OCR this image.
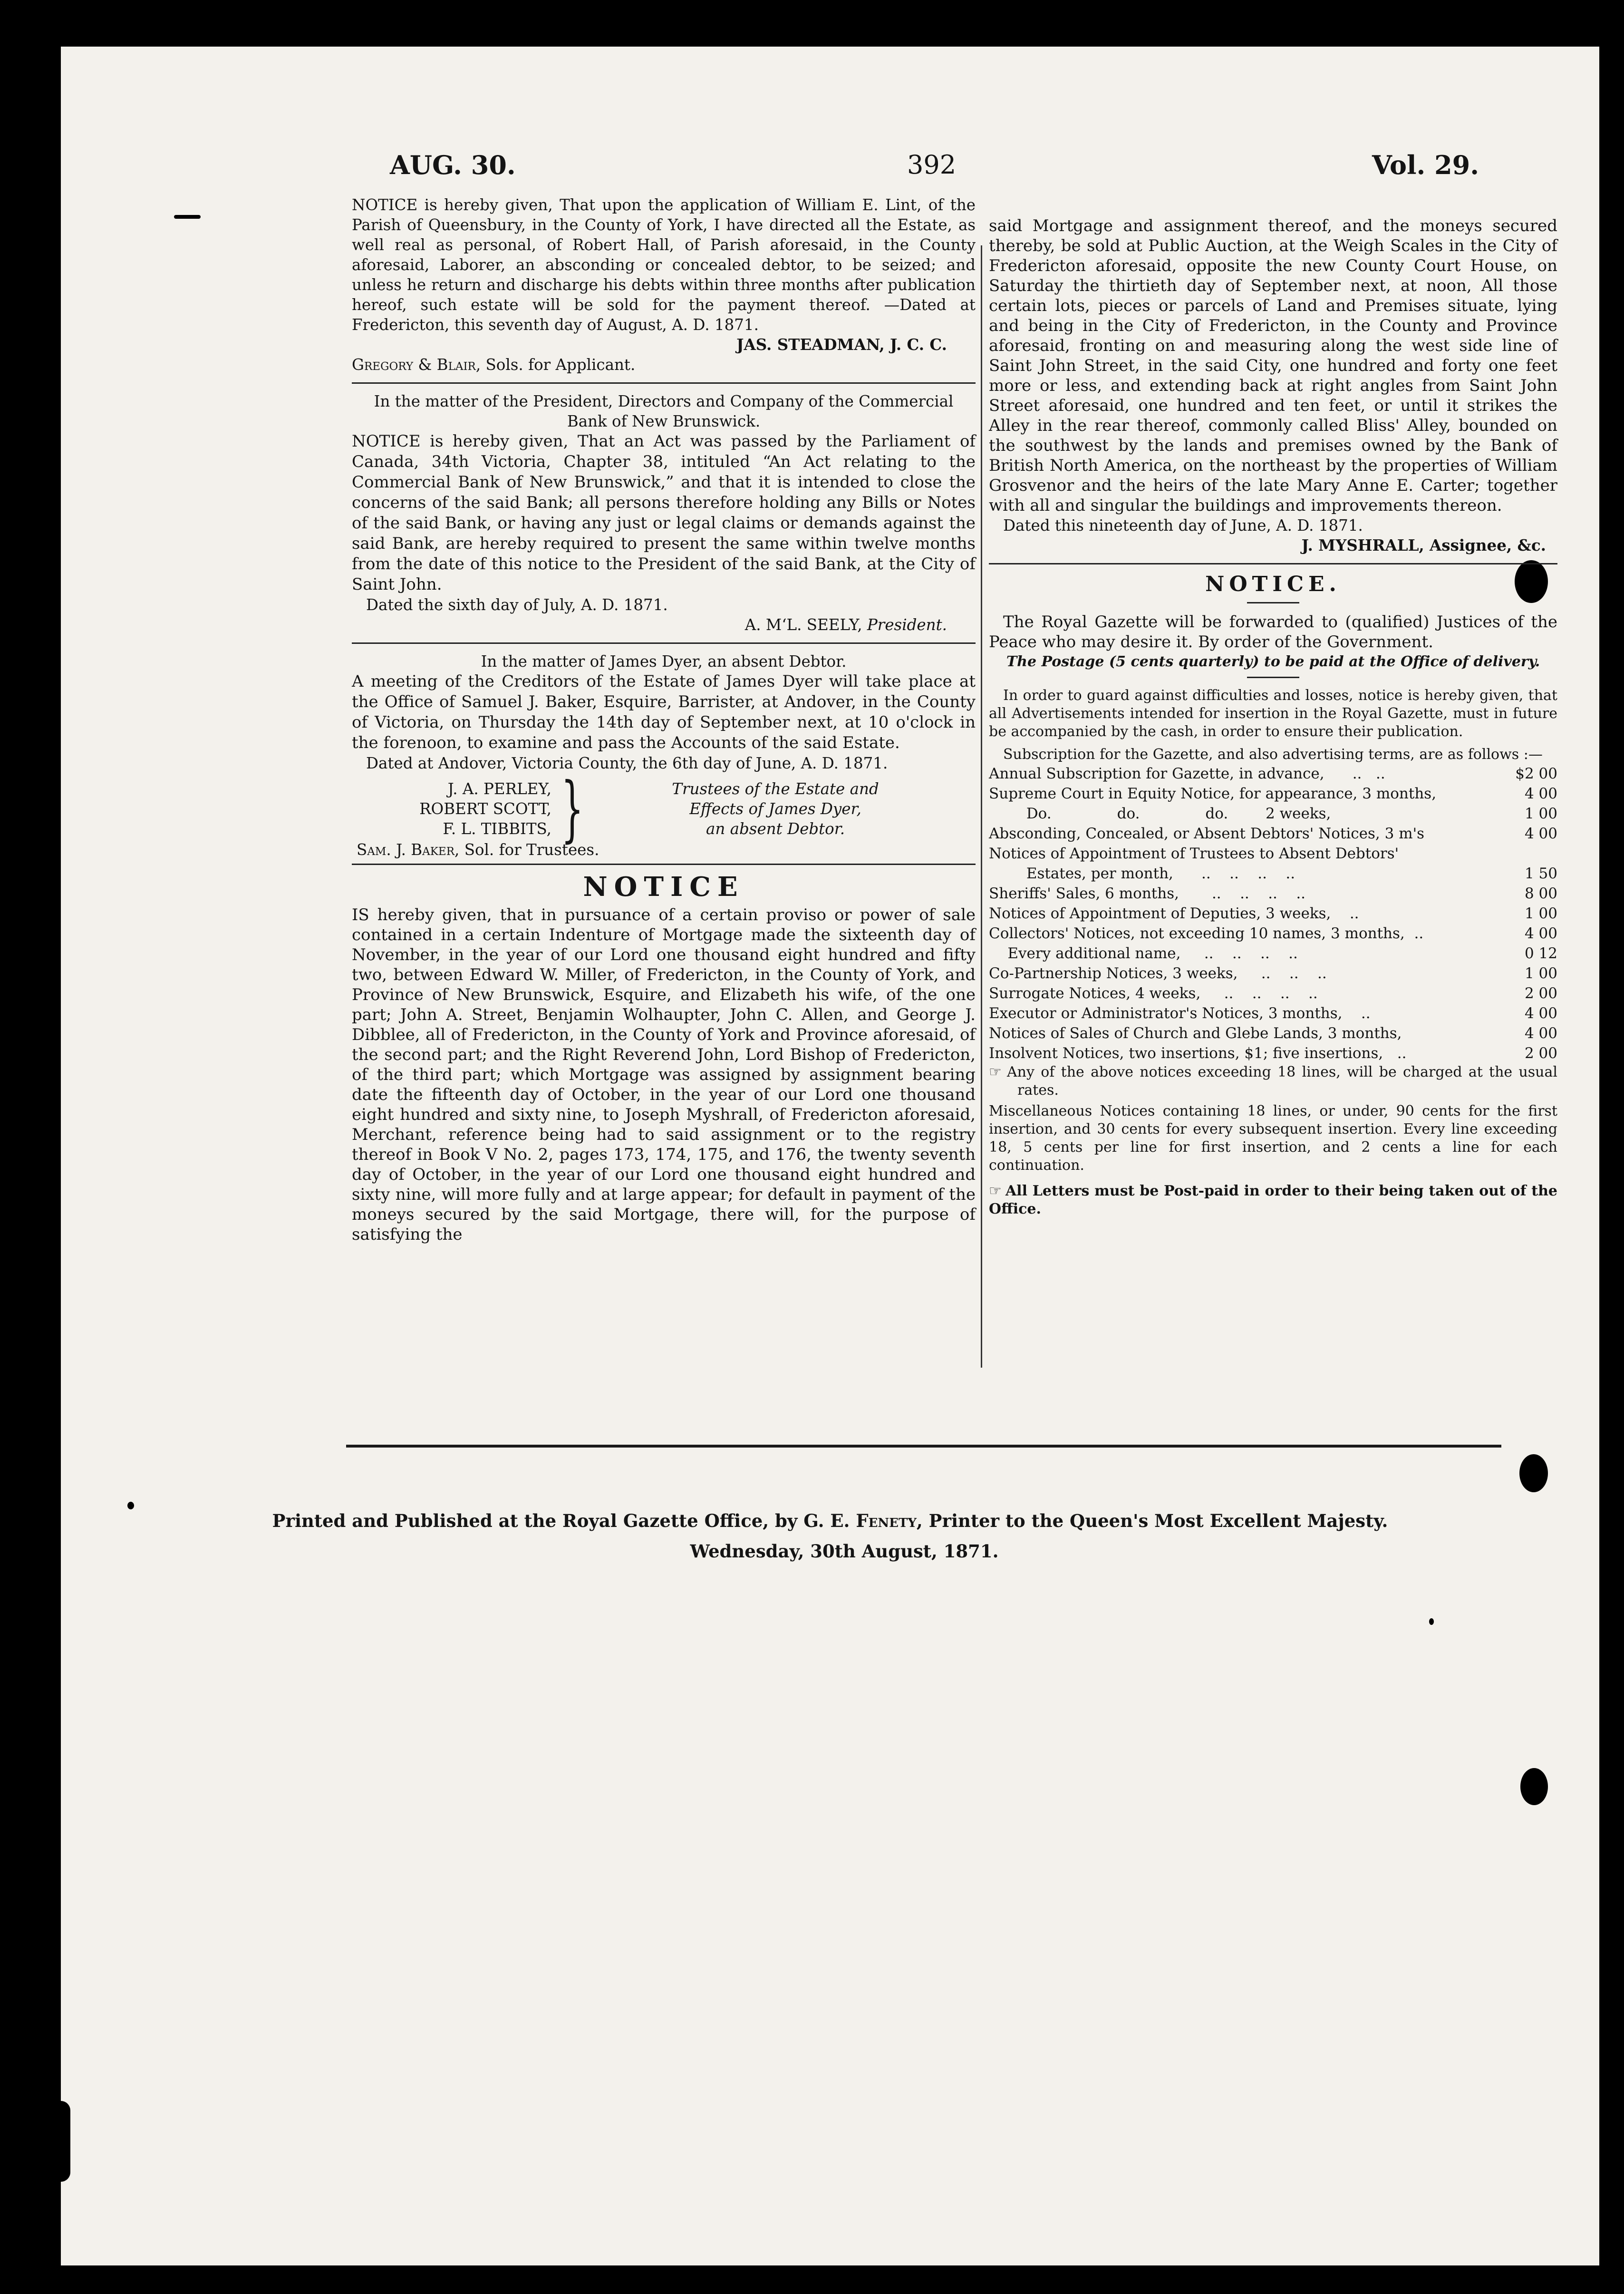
AUG. 30.	392	Vol. 29.

NOTICE is hereby given, That upon the application of William E. Lint, of the Parish of Queensbury, in the County of York, I have directed all the Estate, as well real as personal, of Robert Hall, of Parish aforesaid, in the County aforesaid, Laborer, an absconding or concealed debtor, to be seized; and unless he return and discharge his debts within three months after publication hereof, such estate will be sold for the payment thereof. —Dated at Fredericton, this seventh day of August, A. D. 1871.

JAS. STEADMAN, J. C. C.

Gregory & Blair, Sols. for Applicant.

In the matter of the President, Directors and Company of the Commercial Bank of New Brunswick.

NOTICE is hereby given, That an Act was passed by the Parliament of Canada, 34th Victoria, Chapter 38, intituled “An Act relating to the Commercial Bank of New Brunswick,” and that it is intended to close the concerns of the said Bank; all persons therefore holding any Bills or Notes of the said Bank, or having any just or legal claims or demands against the said Bank, are hereby required to present the same within twelve months from the date of this notice to the President of the said Bank, at the City of Saint John.

Dated the sixth day of July, A. D. 1871.

A. M‘L. SEELY, President.

In the matter of James Dyer, an absent Debtor.

A meeting of the Creditors of the Estate of James Dyer will take place at the Office of Samuel J. Baker, Esquire, Barrister, at Andover, in the County of Victoria, on Thursday the 14th day of September next, at 10 o'clock in the forenoon, to examine and pass the Accounts of the said Estate.

Dated at Andover, Victoria County, the 6th day of June, A. D. 1871.

J. A. PERLEY,
ROBERT SCOTT,
F. L. TIBBITS, }	Trustees of the Estate and
Effects of James Dyer,
an absent Debtor.

Sam. J. Baker, Sol. for Trustees.

NOTICE

IS hereby given, that in pursuance of a certain proviso or power of sale contained in a certain Indenture of Mortgage made the sixteenth day of November, in the year of our Lord one thousand eight hundred and fifty two, between Edward W. Miller, of Fredericton, in the County of York, and Province of New Brunswick, Esquire, and Elizabeth his wife, of the one part; John A. Street, Benjamin Wolhaupter, John C. Allen, and George J. Dibblee, all of Fredericton, in the County of York and Province aforesaid, of the second part; and the Right Reverend John, Lord Bishop of Fredericton, of the third part; which Mortgage was assigned by assignment bearing date the fifteenth day of October, in the year of our Lord one thousand eight hundred and sixty nine, to Joseph Myshrall, of Fredericton aforesaid, Merchant, reference being had to said assignment or to the registry thereof in Book V No. 2, pages 173, 174, 175, and 176, the twenty seventh day of October, in the year of our Lord one thousand eight hundred and sixty nine, will more fully and at large appear; for default in payment of the moneys secured by the said Mortgage, there will, for the purpose of satisfying the

said Mortgage and assignment thereof, and the moneys secured thereby, be sold at Public Auction, at the Weigh Scales in the City of Fredericton aforesaid, opposite the new County Court House, on Saturday the thirtieth day of September next, at noon, All those certain lots, pieces or parcels of Land and Premises situate, lying and being in the City of Fredericton, in the County and Province aforesaid, fronting on and measuring along the west side line of Saint John Street, in the said City, one hundred and forty one feet more or less, and extending back at right angles from Saint John Street aforesaid, one hundred and ten feet, or until it strikes the Alley in the rear thereof, commonly called Bliss' Alley, bounded on the southwest by the lands and premises owned by the Bank of British North America, on the northeast by the properties of William Grosvenor and the heirs of the late Mary Anne E. Carter; together with all and singular the buildings and improvements thereon.

Dated this nineteenth day of June, A. D. 1871.

J. MYSHRALL, Assignee, &c.

NOTICE.

The Royal Gazette will be forwarded to (qualified) Justices of the Peace who may desire it. By order of the Government.

The Postage (5 cents quarterly) to be paid at the Office of delivery.

In order to guard against difficulties and losses, notice is hereby given, that all Advertisements intended for insertion in the Royal Gazette, must in future be accompanied by the cash, in order to ensure their publication.

Subscription for the Gazette, and also advertising terms, are as follows :—

Annual Subscription for Gazette, in advance,      ..   ..	$2 00
Supreme Court in Equity Notice, for appearance, 3 months,	4 00
Do.              do.              do.        2 weeks,	1 00
Absconding, Concealed, or Absent Debtors' Notices, 3 m's	4 00
Notices of Appointment of Trustees to Absent Debtors'	
Estates, per month,      ..    ..    ..    ..	1 50
Sheriffs' Sales, 6 months,       ..    ..    ..    ..	8 00
Notices of Appointment of Deputies, 3 weeks,    ..	1 00
Collectors' Notices, not exceeding 10 names, 3 months,  ..	4 00
Every additional name,     ..    ..    ..    ..	0 12
Co-Partnership Notices, 3 weeks,     ..    ..    ..	1 00
Surrogate Notices, 4 weeks,     ..    ..    ..    ..	2 00
Executor or Administrator's Notices, 3 months,    ..	4 00
Notices of Sales of Church and Glebe Lands, 3 months,	4 00
Insolvent Notices, two insertions, $1; five insertions,   ..	2 00

☞ Any of the above notices exceeding 18 lines, will be charged at the usual rates.

Miscellaneous Notices containing 18 lines, or under, 90 cents for the first insertion, and 30 cents for every subsequent insertion. Every line exceeding 18, 5 cents per line for first insertion, and 2 cents a line for each continuation.

☞ All Letters must be Post-paid in order to their being taken out of the Office.

Printed and Published at the Royal Gazette Office, by G. E. Fenety, Printer to the Queen's Most Excellent Majesty.
Wednesday, 30th August, 1871.
